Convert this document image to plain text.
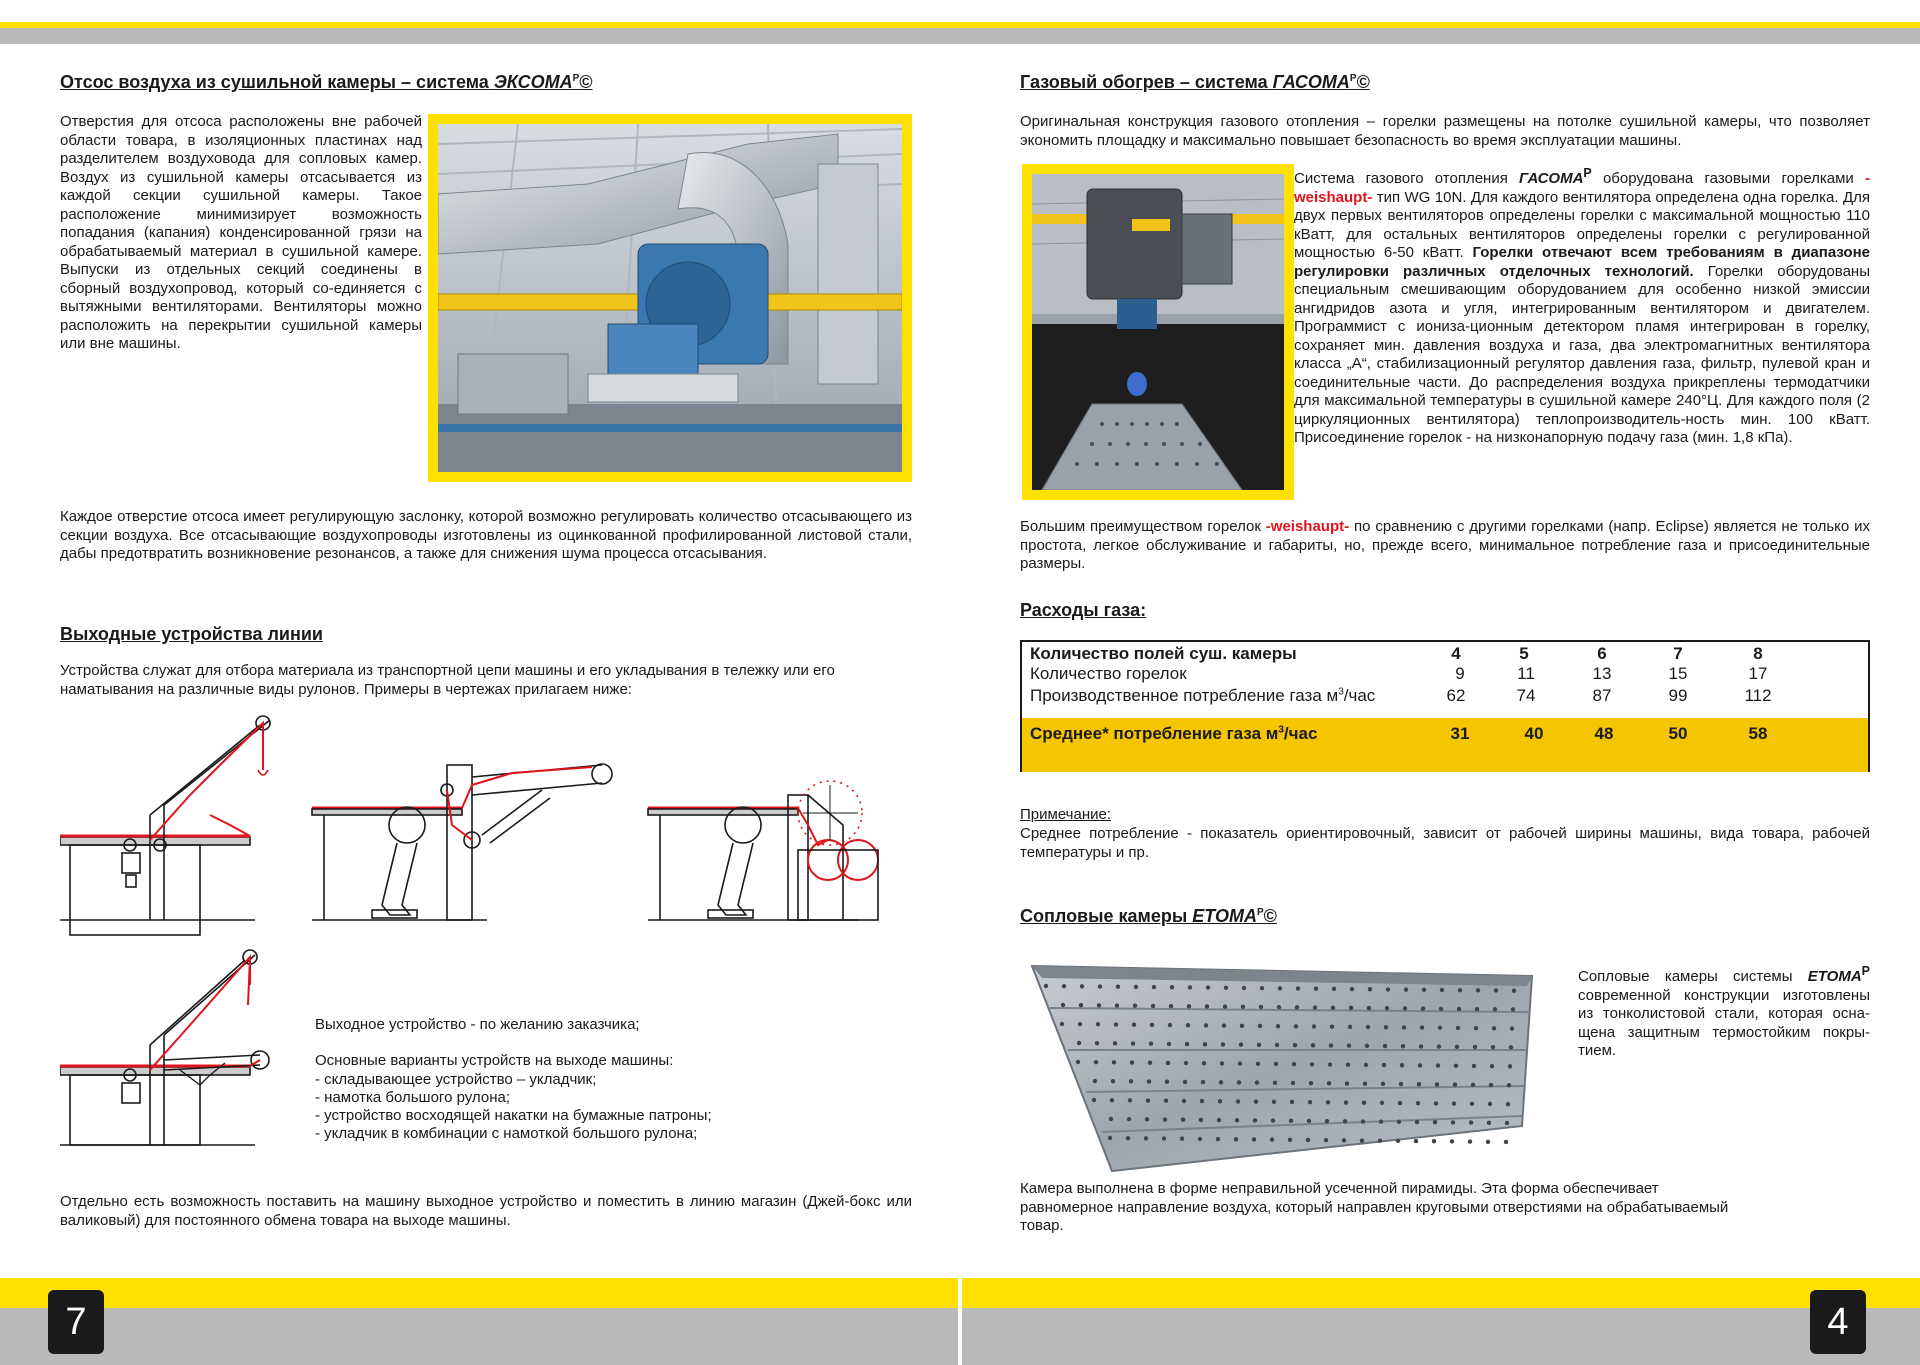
7	4
Отсос воздуха из сушильной камеры – система $ЭКСОМА^Р©$
Отверстия для отсоса расположены вне рабочей области товара, в изоляционных пластинах над разделителем воздуховода для сопловых камер. Воздух из сушильной камеры отсасывается из каждой секции сушильной камеры. Такое расположение минимизирует возможность попадания (капания) конденсированной грязи на обрабатываемый материал в сушильной камере. Выпуски из отдельных секций соединены в сборный воздухопровод, который со-единяется с вытяжными вентиляторами. Вентиляторы можно расположить на перекрытии сушильной камеры или вне машины.
Каждое отверстие отсоса имеет регулирующую заслонку, которой возможно регулировать количество отсасывающего из секции воздуха. Все отсасывающие воздухопроводы изготовлены из оцинкованной профилированной листовой стали, дабы предотвратить возникновение резонансов, а также для снижения шума процесса отсасывания.
Выходные устройства линии
Устройства служат для отбора материала из транспортной цепи машины и его укладывания в тележку или его наматывания на различные виды рулонов. Примеры в чертежах прилагаем ниже:
Выходное устройство - по желанию заказчика;
Основные варианты устройств на выходе машины:
- складывающее устройство – укладчик;
- намотка большого рулона;
- устройство восходящей накатки на бумажные патроны;
- укладчик в комбинации с намоткой большого рулона;
Отдельно есть возможность поставить на машину выходное устройство и поместить в линию магазин (Джей-бокс или валиковый) для постоянного обмена товара на выходе машины.
Газовый обогрев – система $ГАСОМА^Р©$
Оригинальная конструкция газового отопления – горелки размещены на потолке сушильной камеры, что позволяет экономить площадку и максимально повышает безопасность во время эксплуатации машины.
Система газового отопления $ГАСОМА^Р$ оборудована газовыми горелками -weishaupt- тип WG 10N. Для каждого вентилятора определена одна горелка. Для двух первых вентиляторов определены горелки с максимальной мощностью 110 кВатт, для остальных вентиляторов определены горелки с регулированной мощностью 6-50 кВатт. Горелки отвечают всем требованиям в диапазоне регулировки различных отделочных технологий. Горелки оборудованы специальным смешивающим оборудованием для особенно низкой эмиссии ангидридов азота и угля, интегрированным вентилятором и двигателем. Программист с иониза-ционным детектором пламя интегрирован в горелку, сохраняет мин. давления воздуха и газа, два электромагнитных вентилятора класса „A“, стабилизационный регулятор давления газа, фильтр, пулевой кран и соединительные части. До распределения воздуха прикреплены термодатчики для максимальной температуры в сушильной камере 240°Ц. Для каждого поля (2 циркуляционных вентилятора) теплопроизводитель-ность мин. 100 кВатт. Присоединение горелок - на низконапорную подачу газа (мин. 1,8 кПа).
Большим преимуществом горелок -weishaupt- по сравнению с другими горелками (напр. Eclipse) является не только их простота, легкое обслуживание и габариты, но, прежде всего, минимальное потребление газа и присоединительные размеры.
Расходы газа:
Количество полей суш. камеры	4	5	6	7	8
Количество горелок	9	11	13	15	17
Производственное потребление газа $м^3$/час	62	74	87	99	112
Среднее* потребление газа $м^3$/час	31	40	48	50	58
Примечание:
Среднее потребление - показатель ориентировочный, зависит от рабочей ширины машины, вида товара, рабочей температуры и пр.
Сопловые камеры $ЕТОМА^Р©$
Сопловые камеры системы $ЕТОМА^Р$ современной конструкции изготовлены из тонколистовой стали, которая осна-щена защитным термостойким покры-тием.
Камера выполнена в форме неправильной усеченной пирамиды. Эта форма обеспечивает равномерное направление воздуха, который направлен круговыми отверстиями на обрабатываемый товар.
